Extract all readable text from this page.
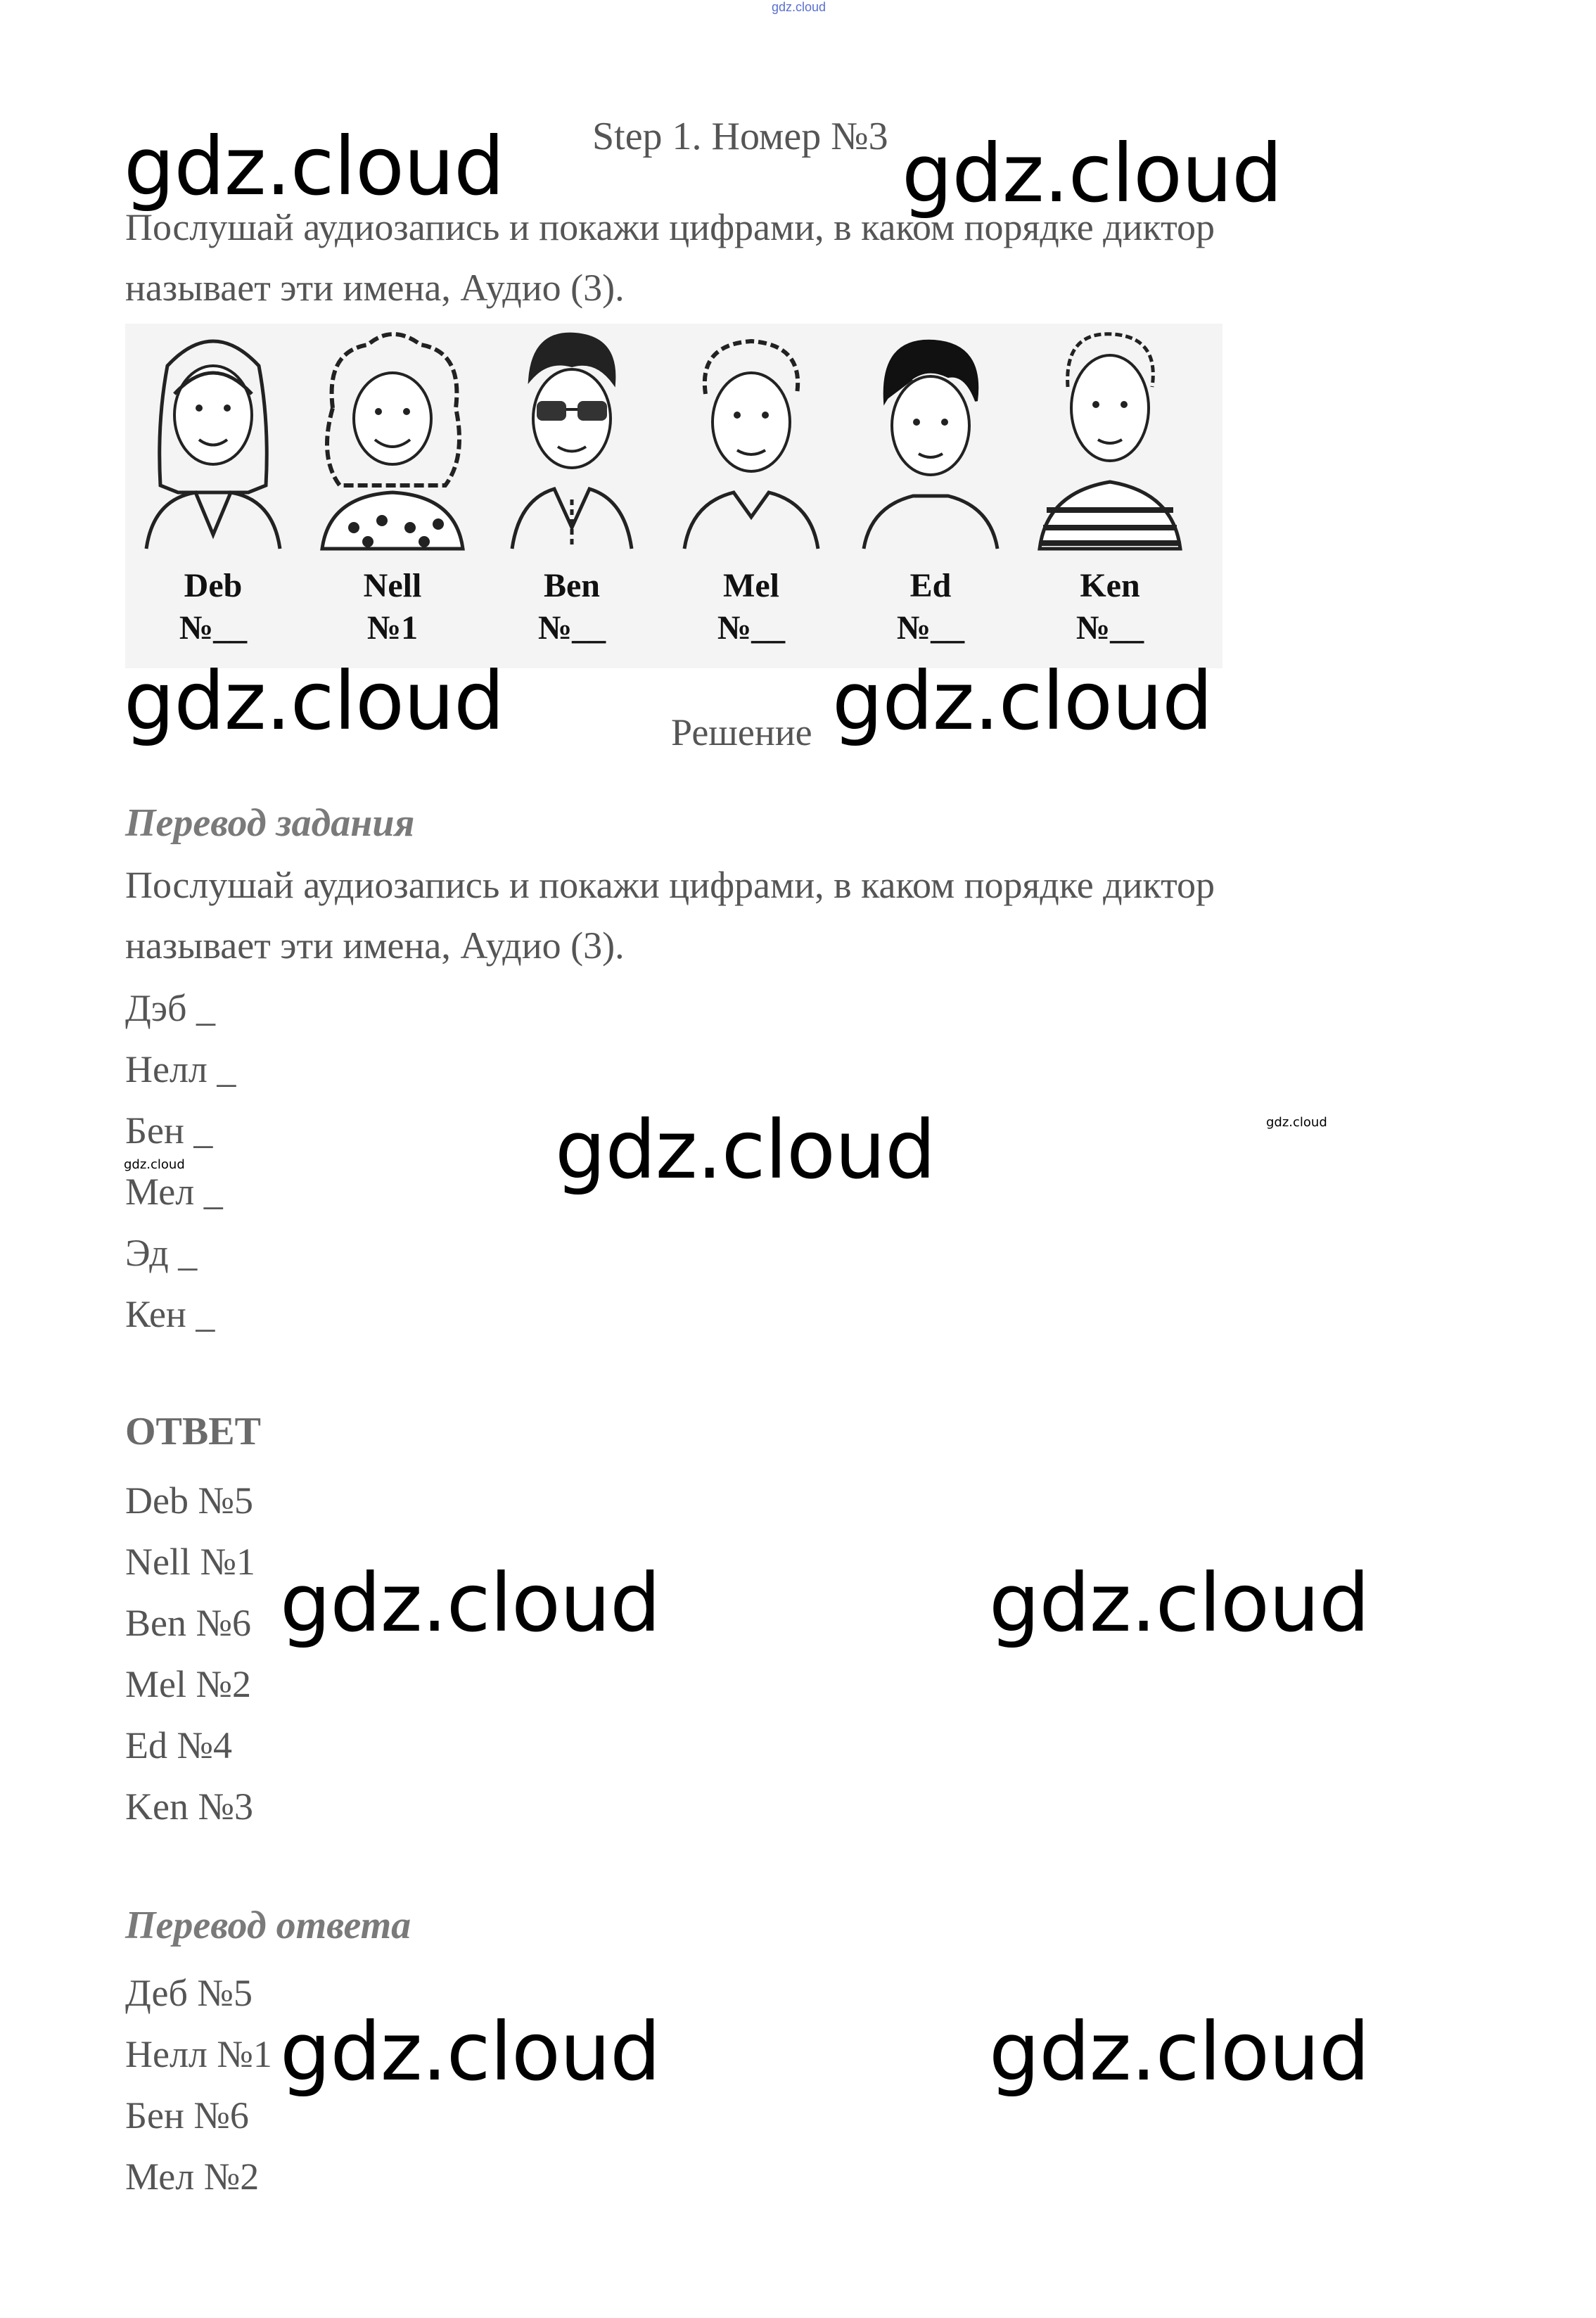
gdz.cloud
Step 1. Номер №3
Послушай аудиозапись и покажи цифрами, в каком порядке диктор
называет эти имена, Аудио (3).
Deb
№__
Nell
№1
Ben
№__
Mel
№__
Ed
№__
Ken
№__
Решение
Перевод задания
Послушай аудиозапись и покажи цифрами, в каком порядке диктор
называет эти имена, Аудио (3).
Дэб _
Нелл _
Бен _
Мел _
Эд _
Кен _
ОТВЕТ
Deb №5
Nell №1
Ben №6
Mel №2
Ed №4
Ken №3
Перевод ответа
Деб №5
Нелл №1
Бен №6
Мел №2
gdz.cloud	gdz.cloud
gdz.cloud	gdz.cloud
gdz.cloud
gdz.cloud	gdz.cloud
gdz.cloud	gdz.cloud
gdz.cloud
gdz.cloud
